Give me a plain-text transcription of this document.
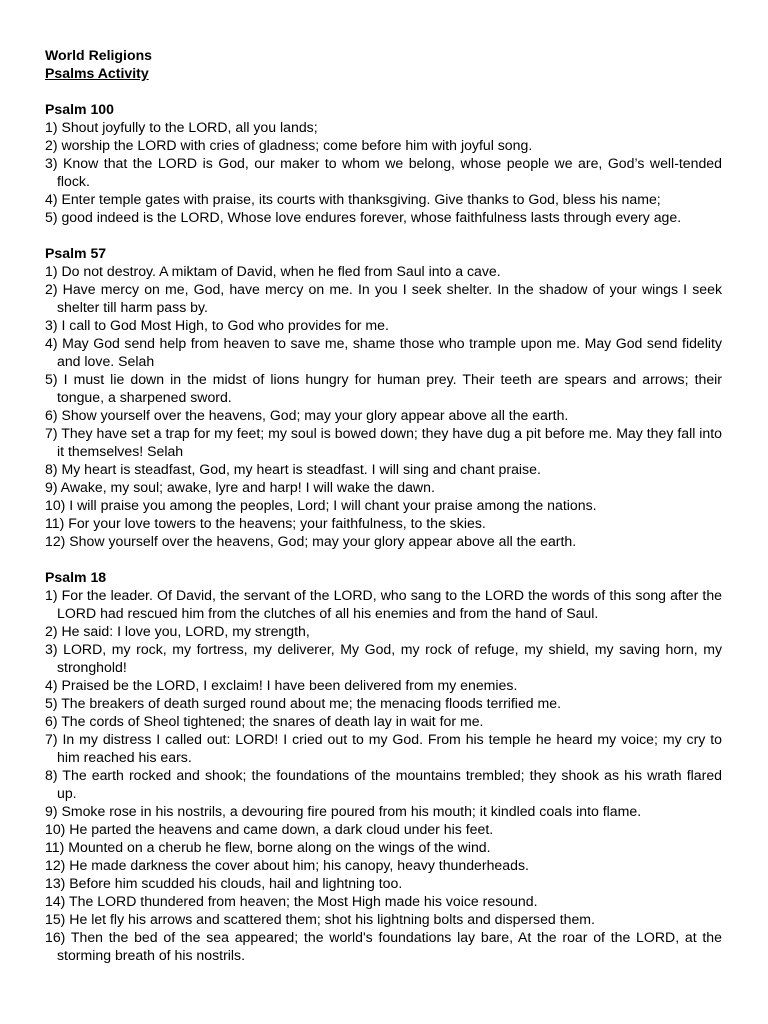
World Religions
Psalms Activity
Psalm 100
1) Shout joyfully to the LORD, all you lands;
2) worship the LORD with cries of gladness; come before him with joyful song.
3) Know that the LORD is God, our maker to whom we belong, whose people we are, God’s well-tended flock.
4) Enter temple gates with praise, its courts with thanksgiving. Give thanks to God, bless his name;
5) good indeed is the LORD, Whose love endures forever, whose faithfulness lasts through every age.
Psalm 57
1) Do not destroy. A miktam of David, when he fled from Saul into a cave.
2) Have mercy on me, God, have mercy on me. In you I seek shelter. In the shadow of your wings I seek shelter till harm pass by.
3) I call to God Most High, to God who provides for me.
4) May God send help from heaven to save me, shame those who trample upon me. May God send fidelity and love. Selah
5) I must lie down in the midst of lions hungry for human prey. Their teeth are spears and arrows; their tongue, a sharpened sword.
6) Show yourself over the heavens, God; may your glory appear above all the earth.
7) They have set a trap for my feet; my soul is bowed down; they have dug a pit before me. May they fall into it themselves! Selah
8) My heart is steadfast, God, my heart is steadfast. I will sing and chant praise.
9) Awake, my soul; awake, lyre and harp! I will wake the dawn.
10) I will praise you among the peoples, Lord; I will chant your praise among the nations.
11) For your love towers to the heavens; your faithfulness, to the skies.
12) Show yourself over the heavens, God; may your glory appear above all the earth.
Psalm 18
1) For the leader. Of David, the servant of the LORD, who sang to the LORD the words of this song after the LORD had rescued him from the clutches of all his enemies and from the hand of Saul.
2) He said: I love you, LORD, my strength,
3) LORD, my rock, my fortress, my deliverer, My God, my rock of refuge, my shield, my saving horn, my stronghold!
4) Praised be the LORD, I exclaim! I have been delivered from my enemies.
5) The breakers of death surged round about me; the menacing floods terrified me.
6) The cords of Sheol tightened; the snares of death lay in wait for me.
7) In my distress I called out: LORD! I cried out to my God. From his temple he heard my voice; my cry to him reached his ears.
8) The earth rocked and shook; the foundations of the mountains trembled; they shook as his wrath flared up.
9) Smoke rose in his nostrils, a devouring fire poured from his mouth; it kindled coals into flame.
10) He parted the heavens and came down, a dark cloud under his feet.
11) Mounted on a cherub he flew, borne along on the wings of the wind.
12) He made darkness the cover about him; his canopy, heavy thunderheads.
13) Before him scudded his clouds, hail and lightning too.
14) The LORD thundered from heaven; the Most High made his voice resound.
15) He let fly his arrows and scattered them; shot his lightning bolts and dispersed them.
16) Then the bed of the sea appeared; the world's foundations lay bare, At the roar of the LORD, at the storming breath of his nostrils.
